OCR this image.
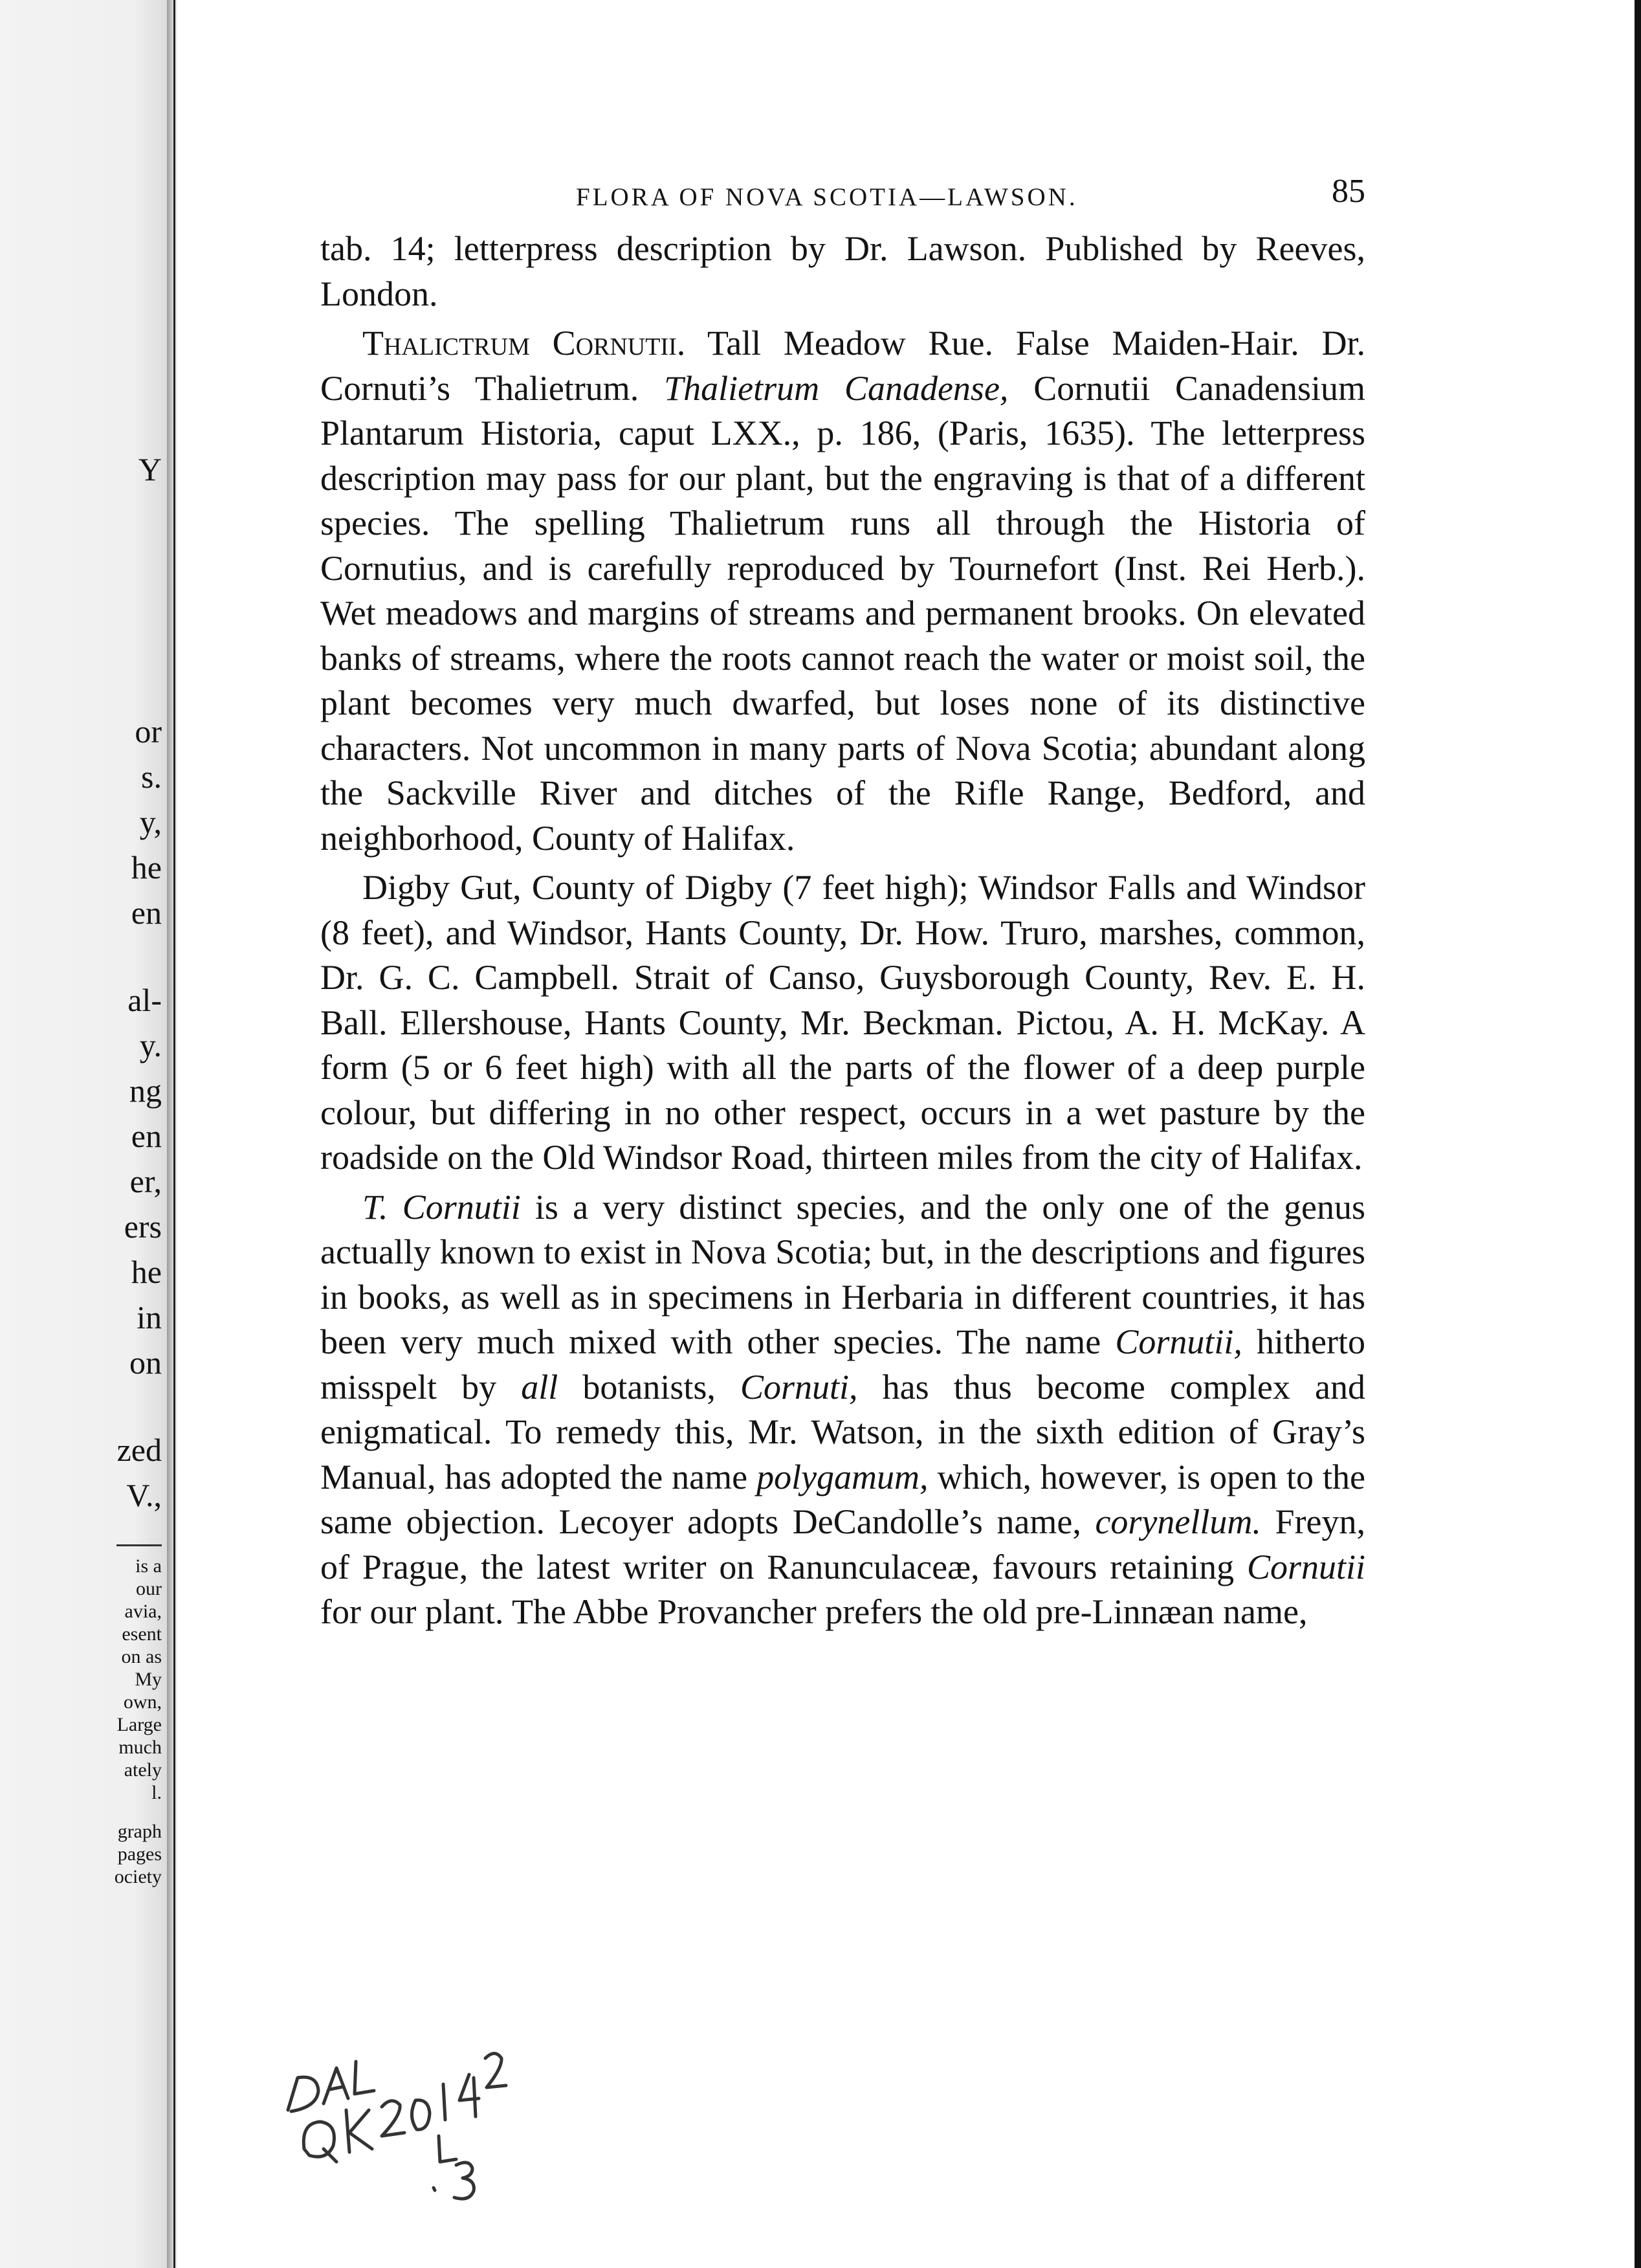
Y
or
s.
y,
he
en
al-
y.
ng
en
er,
ers
he
in
on
zed
V.,
is a
our
avia,
esent
on as
My
own,
Large
much
ately
l.
graph
pages
ociety
FLORA OF NOVA SCOTIA—LAWSON.	85

tab. 14; letterpress description by Dr. Lawson. Published by Reeves, London.

Thalictrum Cornutii. Tall Meadow Rue. False Maiden-Hair. Dr. Cornuti’s Thalietrum. Thalietrum Canadense, Cornutii Canadensium Plantarum Historia, caput LXX., p. 186, (Paris, 1635). The letterpress description may pass for our plant, but the engraving is that of a different species. The spelling Thalietrum runs all through the Historia of Cornutius, and is carefully reproduced by Tournefort (Inst. Rei Herb.). Wet meadows and margins of streams and permanent brooks. On elevated banks of streams, where the roots cannot reach the water or moist soil, the plant becomes very much dwarfed, but loses none of its distinctive characters. Not uncommon in many parts of Nova Scotia; abundant along the Sackville River and ditches of the Rifle Range, Bedford, and neighborhood, County of Halifax.

Digby Gut, County of Digby (7 feet high); Windsor Falls and Windsor (8 feet), and Windsor, Hants County, Dr. How. Truro, marshes, common, Dr. G. C. Campbell. Strait of Canso, Guysborough County, Rev. E. H. Ball. Ellershouse, Hants County, Mr. Beckman. Pictou, A. H. McKay. A form (5 or 6 feet high) with all the parts of the flower of a deep purple colour, but differing in no other respect, occurs in a wet pasture by the roadside on the Old Windsor Road, thirteen miles from the city of Halifax.

T. Cornutii is a very distinct species, and the only one of the genus actually known to exist in Nova Scotia; but, in the descriptions and figures in books, as well as in specimens in Herbaria in different countries, it has been very much mixed with other species. The name Cornutii, hitherto misspelt by all botanists, Cornuti, has thus become complex and enigmatical. To remedy this, Mr. Watson, in the sixth edition of Gray’s Manual, has adopted the name polygamum, which, however, is open to the same objection. Lecoyer adopts DeCandolle’s name, corynellum. Freyn, of Prague, the latest writer on Ranunculaceæ, favours retaining Cornutii for our plant. The Abbe Provancher prefers the old pre-Linnæan name,
